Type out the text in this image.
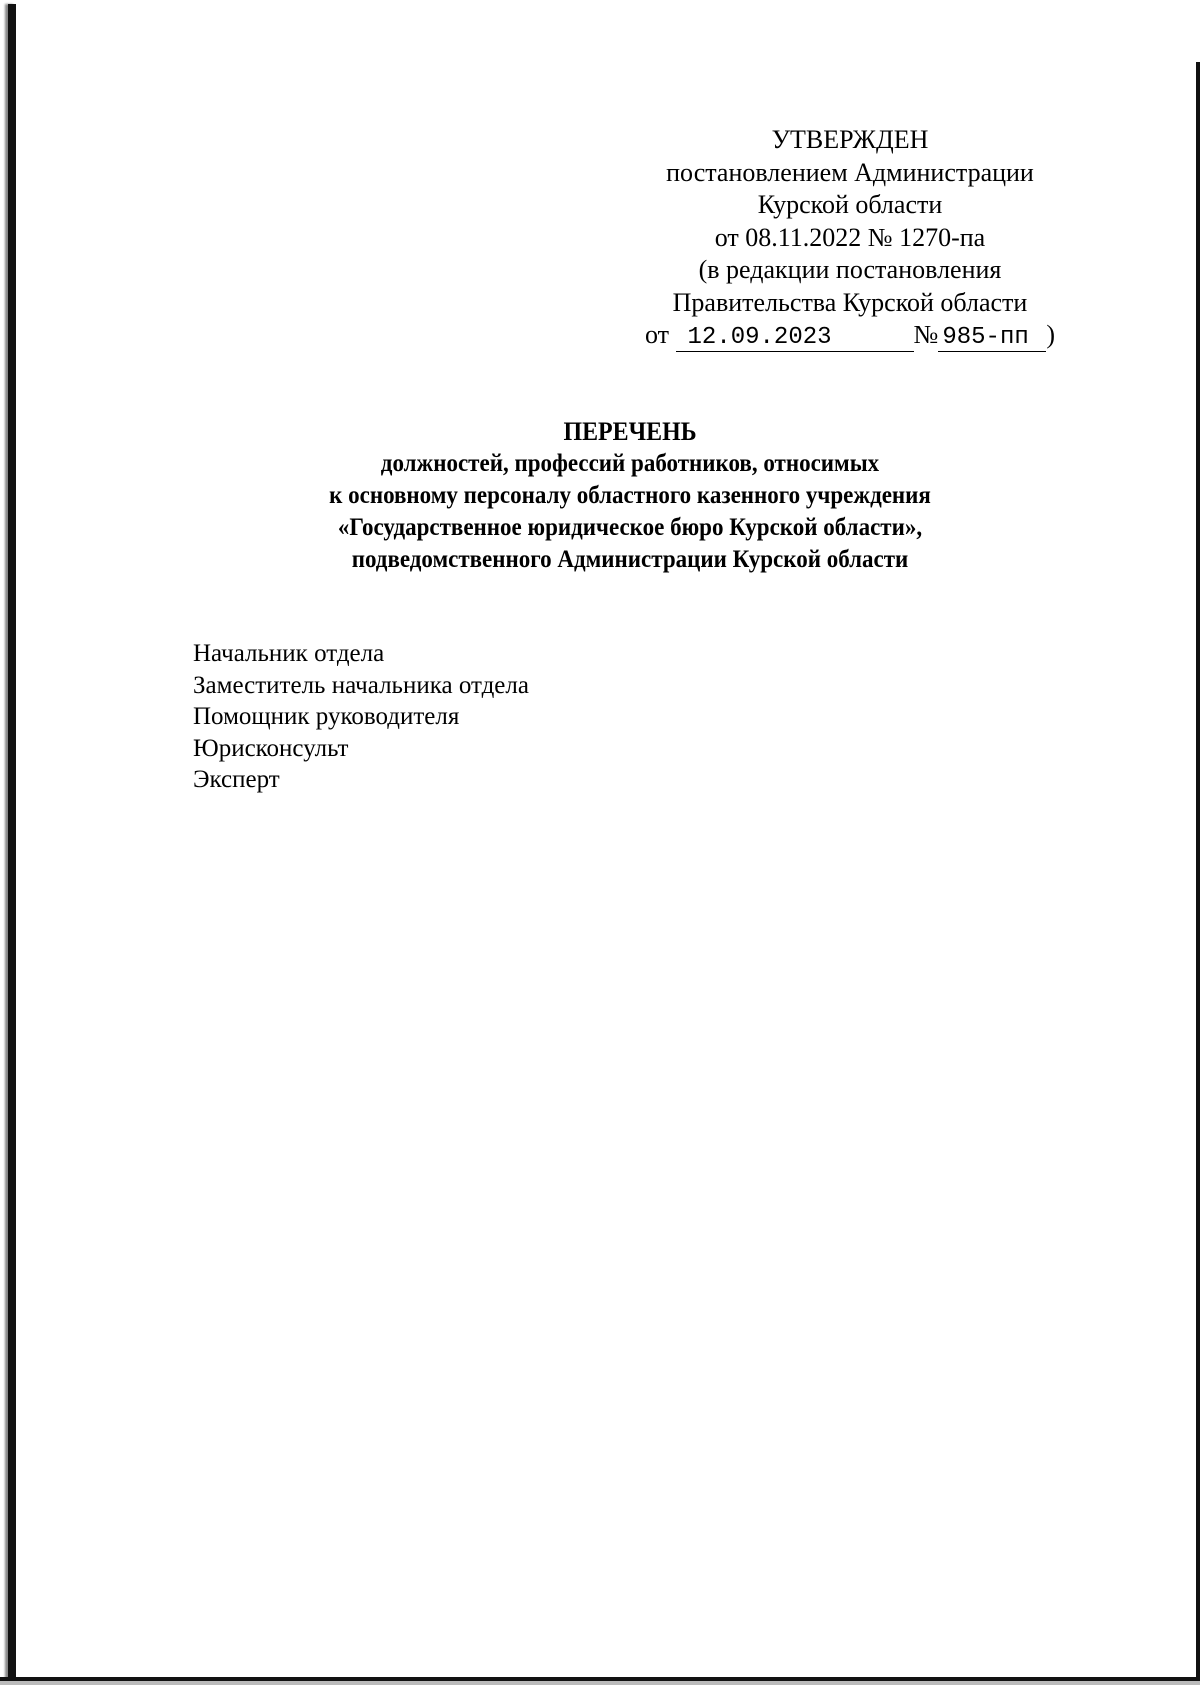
УТВЕРЖДЕН
постановлением Администрации
Курской области
от 08.11.2022 № 1270-па
(в редакции постановления
Правительства Курской области
от 12.09.2023	№ 985-пп )
ПЕРЕЧЕНЬ
должностей, профессий работников, относимых
к основному персоналу областного казенного учреждения
«Государственное юридическое бюро Курской области»,
подведомственного Администрации Курской области
Начальник отдела
Заместитель начальника отдела
Помощник руководителя
Юрисконсульт
Эксперт
